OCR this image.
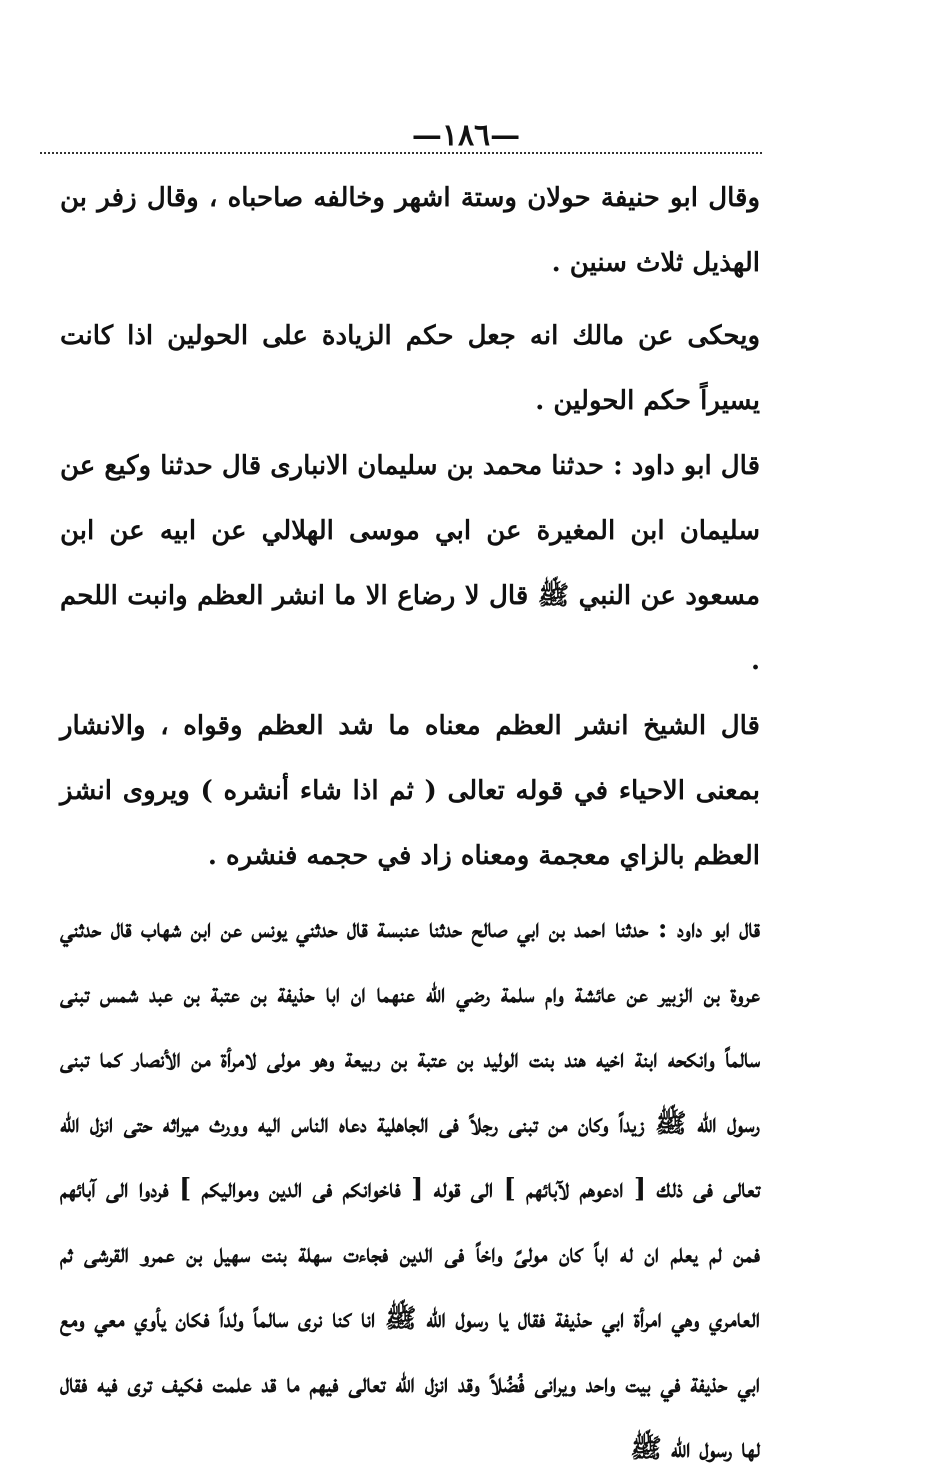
—١٨٦—

وقال ابو حنيفة حولان وستة اشهر وخالفه صاحباه ، وقال زفر بن الهذيل ثلاث سنين .

ويحكى عن مالك انه جعل حكم الزيادة على الحولين اذا كانت يسيراً حكم الحولين .

قال ابو داود : حدثنا محمد بن سليمان الانبارى قال حدثنا وكيع عن سليمان ابن المغيرة عن ابي موسى الهلالي عن ابيه عن ابن مسعود عن النبي ﷺ قال لا رضاع الا ما انشر العظم وانبت اللحم .

قال الشيخ انشر العظم معناه ما شد العظم وقواه ، والانشار بمعنى الاحياء في قوله تعالى ( ثم اذا شاء أنشره ) ويروى انشز العظم بالزاي معجمة ومعناه زاد في حجمه فنشره .

قال ابو داود : حدثنا احمد بن ابي صالح حدثنا عنبسة قال حدثني يونس عن ابن شهاب قال حدثني عروة بن الزبير عن عائشة وام سلمة رضي الله عنهما ان ابا حذيفة بن عتبة بن عبد شمس تبنى سالماً وانكحه ابنة اخيه هند بنت الوليد بن عتبة بن ربيعة وهو مولى لامرأة من الأنصار كما تبنى رسول الله ﷺ زيداً وكان من تبنى رجلاً فى الجاهلية دعاه الناس اليه وورث ميراثه حتى انزل الله تعالى فى ذلك [ ادعوهم لآبائهم ] الى قوله [ فاخوانكم فى الدين ومواليكم ] فردوا الى آبائهم فمن لم يعلم ان له اباً كان مولىً واخاً فى الدين فجاءت سهلة بنت سهيل بن عمرو القرشى ثم العامري وهي امرأة ابي حذيفة فقال يا رسول الله ﷺ انا كنا نرى سالماً ولداً فكان يأوي معي ومع ابي حذيفة في بيت واحد ويرانى فُضُلاً وقد انزل الله تعالى فيهم ما قد علمت فكيف ترى فيه فقال لها رسول الله ﷺ
